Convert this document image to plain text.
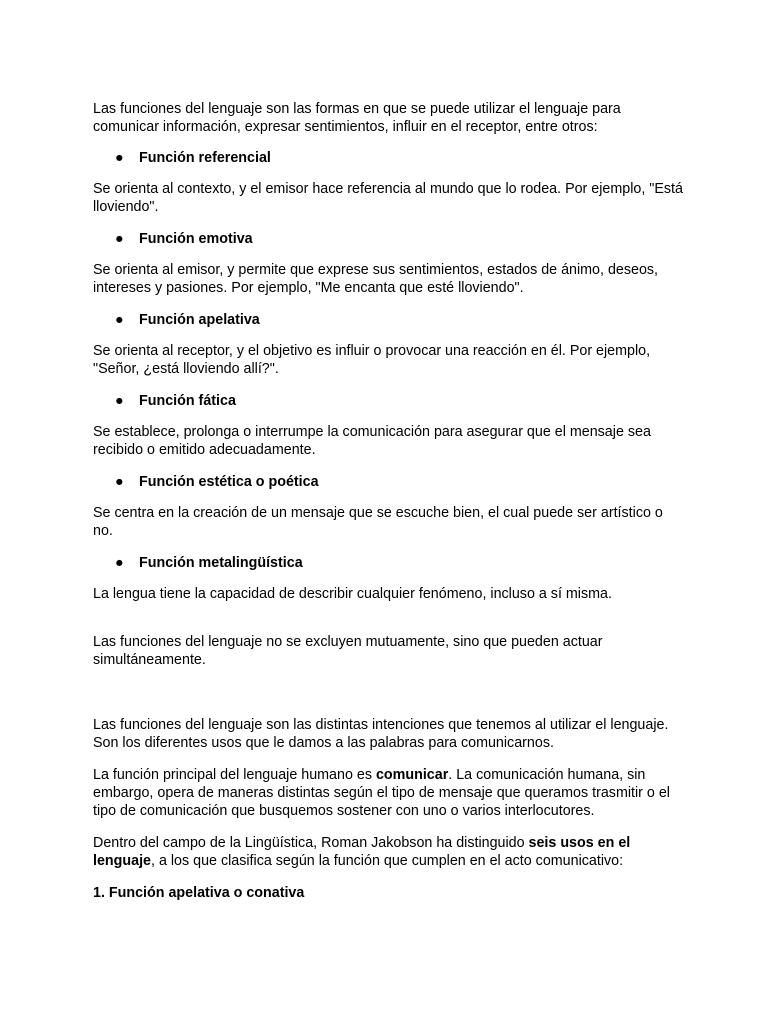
Las funciones del lenguaje son las formas en que se puede utilizar el lenguaje para comunicar información, expresar sentimientos, influir en el receptor, entre otros:

● Función referencial

Se orienta al contexto, y el emisor hace referencia al mundo que lo rodea. Por ejemplo, "Está lloviendo".

● Función emotiva

Se orienta al emisor, y permite que exprese sus sentimientos, estados de ánimo, deseos, intereses y pasiones. Por ejemplo, "Me encanta que esté lloviendo".

● Función apelativa

Se orienta al receptor, y el objetivo es influir o provocar una reacción en él. Por ejemplo, "Señor, ¿está lloviendo allí?".

● Función fática

Se establece, prolonga o interrumpe la comunicación para asegurar que el mensaje sea recibido o emitido adecuadamente.

● Función estética o poética

Se centra en la creación de un mensaje que se escuche bien, el cual puede ser artístico o no.

● Función metalingüística

La lengua tiene la capacidad de describir cualquier fenómeno, incluso a sí misma.

Las funciones del lenguaje no se excluyen mutuamente, sino que pueden actuar simultáneamente.

Las funciones del lenguaje son las distintas intenciones que tenemos al utilizar el lenguaje. Son los diferentes usos que le damos a las palabras para comunicarnos.

La función principal del lenguaje humano es comunicar. La comunicación humana, sin embargo, opera de maneras distintas según el tipo de mensaje que queramos trasmitir o el tipo de comunicación que busquemos sostener con uno o varios interlocutores.

Dentro del campo de la Lingüística, Roman Jakobson ha distinguido seis usos en el lenguaje, a los que clasifica según la función que cumplen en el acto comunicativo:

1. Función apelativa o conativa
